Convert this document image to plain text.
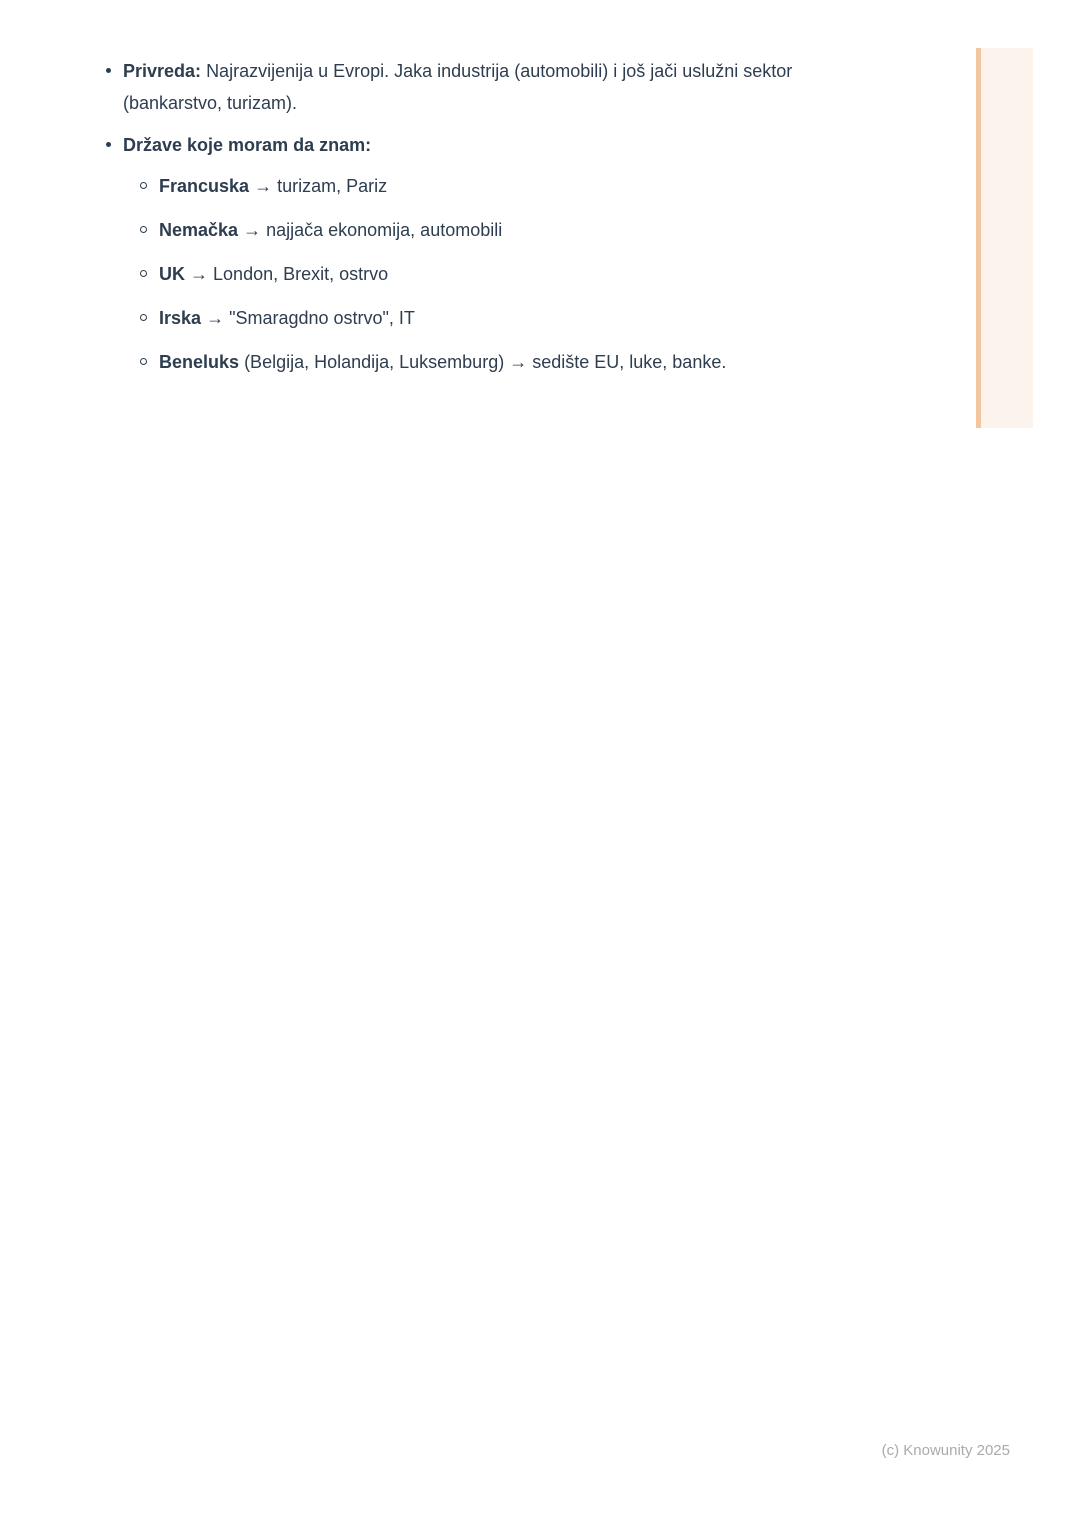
Privreda: Najrazvijenija u Evropi. Jaka industrija (automobili) i još jači uslužni sektor (bankarstvo, turizam).

Države koje moram da znam:

Francuska → turizam, Pariz

Nemačka → najjača ekonomija, automobili

UK → London, Brexit, ostrvo

Irska → "Smaragdno ostrvo", IT

Beneluks (Belgija, Holandija, Luksemburg) → sedište EU, luke, banke.

(c) Knowunity 2025
